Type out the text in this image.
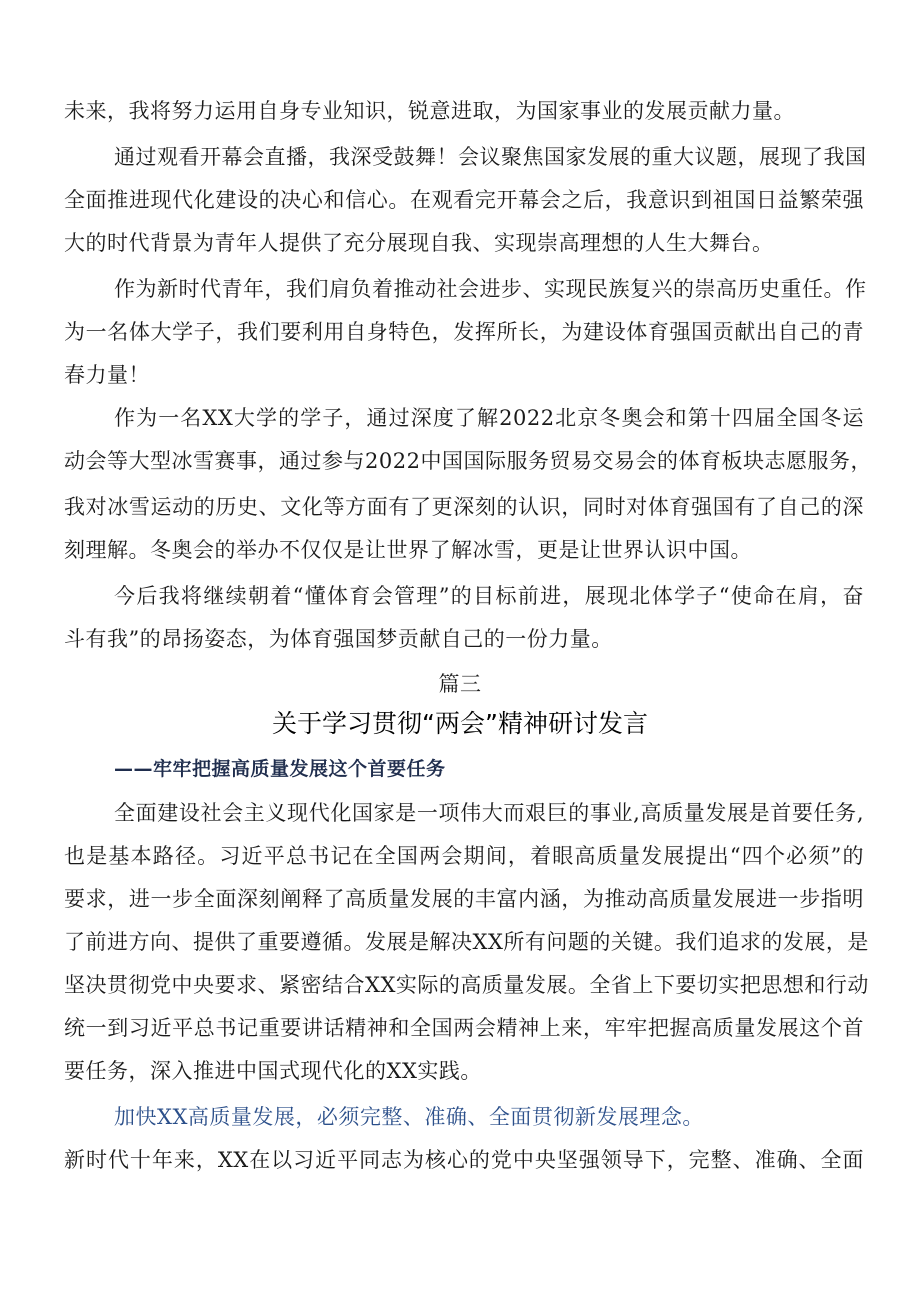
未来，我将努力运用自身专业知识，锐意进取，为国家事业的发展贡献力量。
通过观看开幕会直播，我深受鼓舞！会议聚焦国家发展的重大议题，展现了我国
全面推进现代化建设的决心和信心。在观看完开幕会之后，我意识到祖国日益繁荣强
大的时代背景为青年人提供了充分展现自我、实现崇高理想的人生大舞台。
作为新时代青年，我们肩负着推动社会进步、实现民族复兴的崇高历史重任。作
为一名体大学子，我们要利用自身特色，发挥所长，为建设体育强国贡献出自己的青
春力量！
作为一名XX大学的学子，通过深度了解2022北京冬奥会和第十四届全国冬运
动会等大型冰雪赛事，通过参与2022中国国际服务贸易交易会的体育板块志愿服务，
我对冰雪运动的历史、文化等方面有了更深刻的认识，同时对体育强国有了自己的深
刻理解。冬奥会的举办不仅仅是让世界了解冰雪，更是让世界认识中国。
今后我将继续朝着“懂体育会管理”的目标前进，展现北体学子“使命在肩，奋
斗有我”的昂扬姿态，为体育强国梦贡献自己的一份力量。
篇三
关于学习贯彻“两会”精神研讨发言
——牢牢把握高质量发展这个首要任务
全面建设社会主义现代化国家是一项伟大而艰巨的事业,高质量发展是首要任务,
也是基本路径。习近平总书记在全国两会期间，着眼高质量发展提出“四个必须”的
要求，进一步全面深刻阐释了高质量发展的丰富内涵，为推动高质量发展进一步指明
了前进方向、提供了重要遵循。发展是解决XX所有问题的关键。我们追求的发展，是
坚决贯彻党中央要求、紧密结合XX实际的高质量发展。全省上下要切实把思想和行动
统一到习近平总书记重要讲话精神和全国两会精神上来，牢牢把握高质量发展这个首
要任务，深入推进中国式现代化的XX实践。
加快XX高质量发展，必须完整、准确、全面贯彻新发展理念。
新时代十年来，XX在以习近平同志为核心的党中央坚强领导下，完整、准确、全面
